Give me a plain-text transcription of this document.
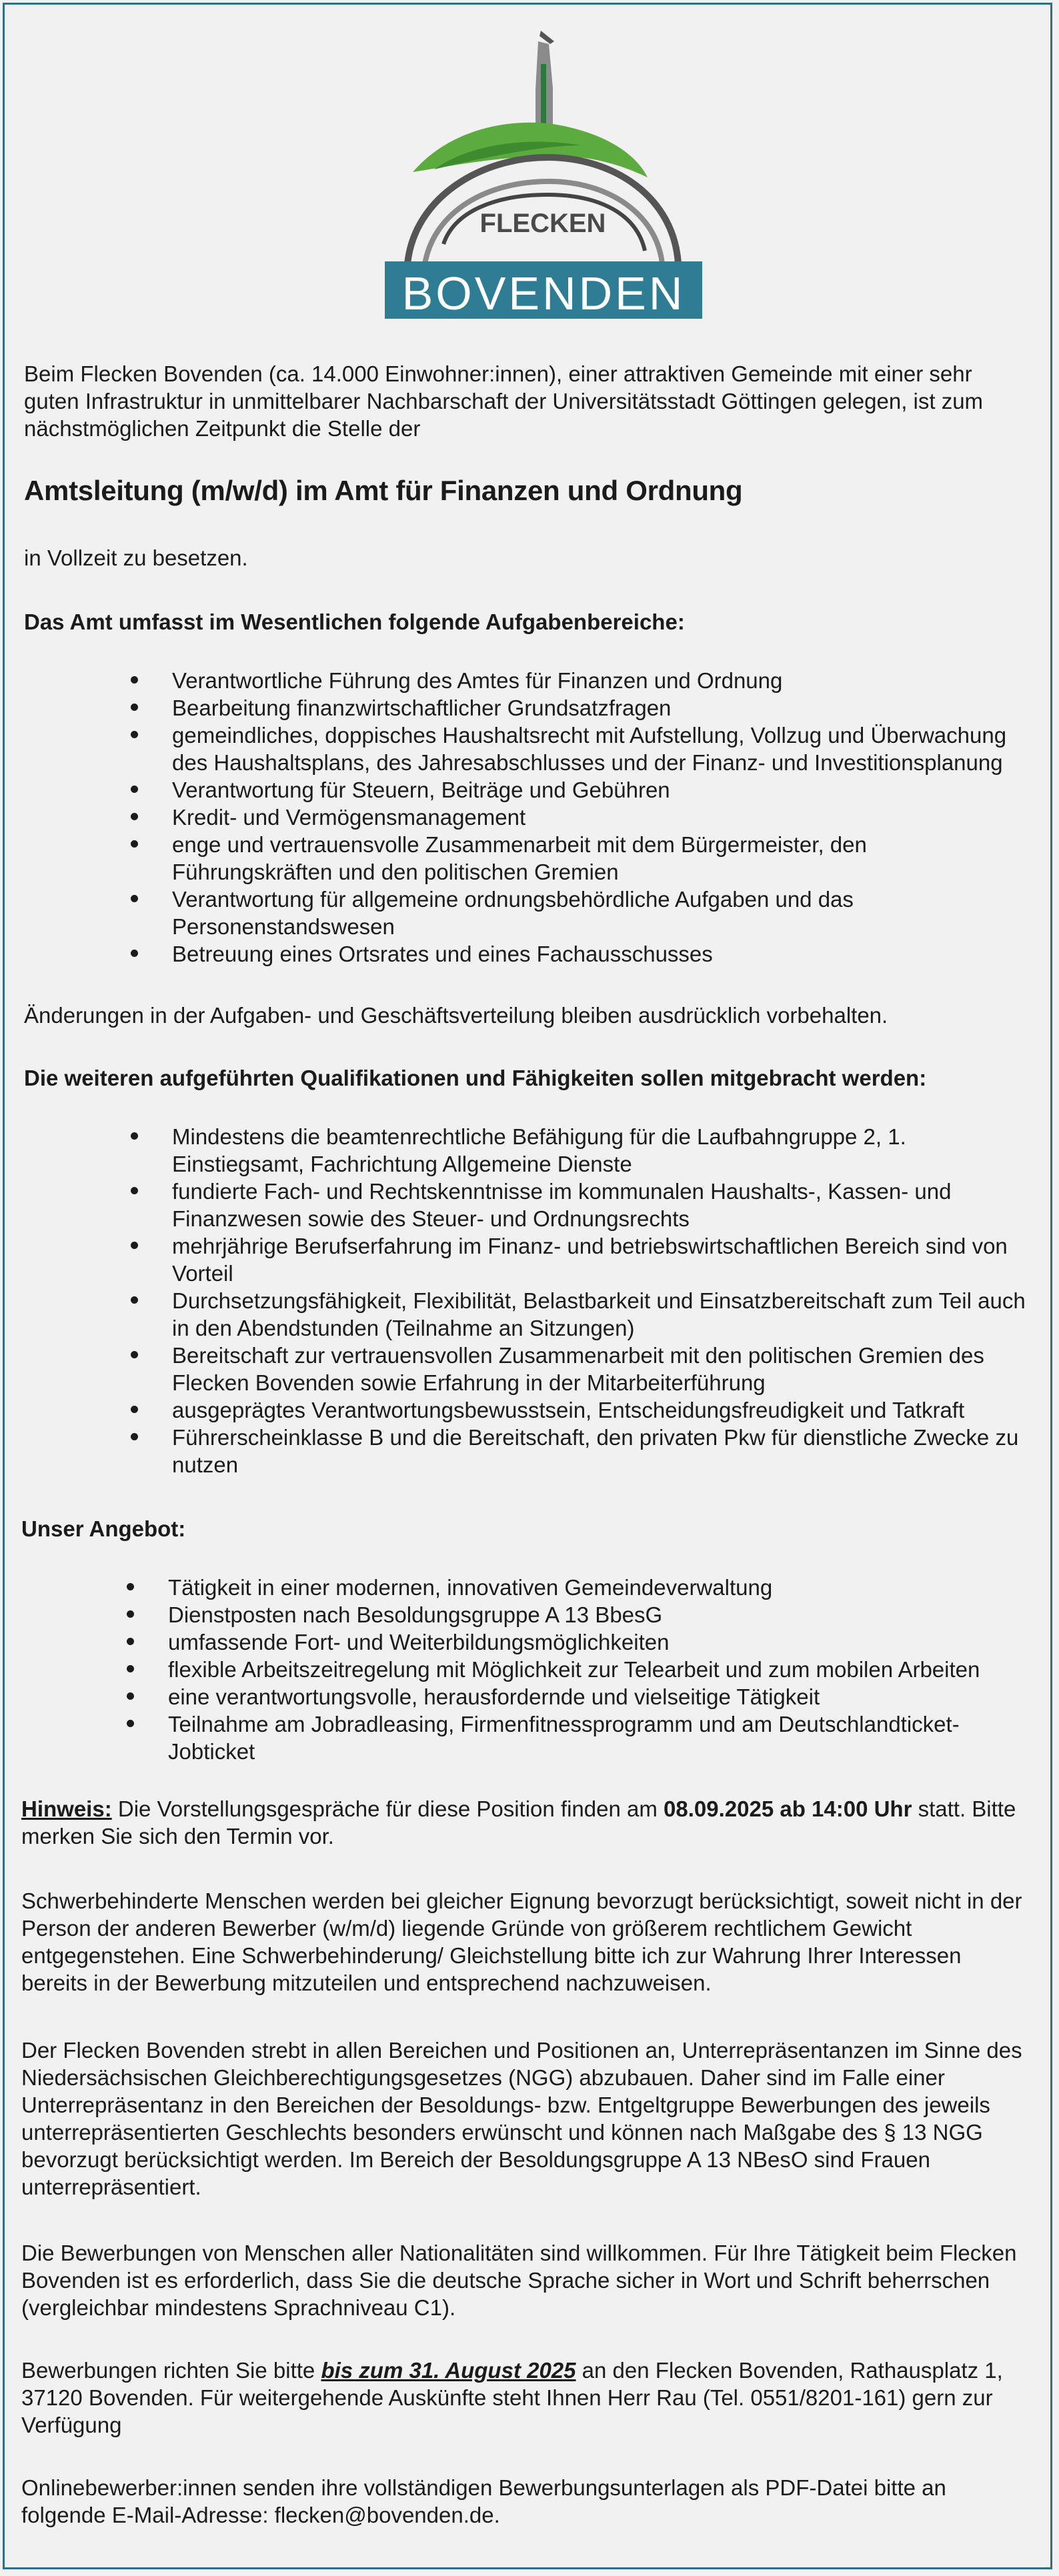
FLECKEN
BOVENDEN

Beim Flecken Bovenden (ca. 14.000 Einwohner:innen), einer attraktiven Gemeinde mit einer sehr guten Infrastruktur in unmittelbarer Nachbarschaft der Universitätsstadt Göttingen gelegen, ist zum nächstmöglichen Zeitpunkt die Stelle der

Amtsleitung (m/w/d) im Amt für Finanzen und Ordnung

in Vollzeit zu besetzen.

Das Amt umfasst im Wesentlichen folgende Aufgabenbereiche:

Verantwortliche Führung des Amtes für Finanzen und Ordnung
Bearbeitung finanzwirtschaftlicher Grundsatzfragen
gemeindliches, doppisches Haushaltsrecht mit Aufstellung, Vollzug und Überwachung des Haushaltsplans, des Jahresabschlusses und der Finanz- und Investitionsplanung
Verantwortung für Steuern, Beiträge und Gebühren
Kredit- und Vermögensmanagement
enge und vertrauensvolle Zusammenarbeit mit dem Bürgermeister, den Führungskräften und den politischen Gremien
Verantwortung für allgemeine ordnungsbehördliche Aufgaben und das Personenstandswesen
Betreuung eines Ortsrates und eines Fachausschusses

Änderungen in der Aufgaben- und Geschäftsverteilung bleiben ausdrücklich vorbehalten.

Die weiteren aufgeführten Qualifikationen und Fähigkeiten sollen mitgebracht werden:

Mindestens die beamtenrechtliche Befähigung für die Laufbahngruppe 2, 1. Einstiegsamt, Fachrichtung Allgemeine Dienste
fundierte Fach- und Rechtskenntnisse im kommunalen Haushalts-, Kassen- und Finanzwesen sowie des Steuer- und Ordnungsrechts
mehrjährige Berufserfahrung im Finanz- und betriebswirtschaftlichen Bereich sind von Vorteil
Durchsetzungsfähigkeit, Flexibilität, Belastbarkeit und Einsatzbereitschaft zum Teil auch in den Abendstunden (Teilnahme an Sitzungen)
Bereitschaft zur vertrauensvollen Zusammenarbeit mit den politischen Gremien des Flecken Bovenden sowie Erfahrung in der Mitarbeiterführung
ausgeprägtes Verantwortungsbewusstsein, Entscheidungsfreudigkeit und Tatkraft
Führerscheinklasse B und die Bereitschaft, den privaten Pkw für dienstliche Zwecke zu nutzen

Unser Angebot:

Tätigkeit in einer modernen, innovativen Gemeindeverwaltung
Dienstposten nach Besoldungsgruppe A 13 BbesG
umfassende Fort- und Weiterbildungsmöglichkeiten
flexible Arbeitszeitregelung mit Möglichkeit zur Telearbeit und zum mobilen Arbeiten
eine verantwortungsvolle, herausfordernde und vielseitige Tätigkeit
Teilnahme am Jobradleasing, Firmenfitnessprogramm und am Deutschlandticket-Jobticket

Hinweis: Die Vorstellungsgespräche für diese Position finden am 08.09.2025 ab 14:00 Uhr statt. Bitte merken Sie sich den Termin vor.

Schwerbehinderte Menschen werden bei gleicher Eignung bevorzugt berücksichtigt, soweit nicht in der Person der anderen Bewerber (w/m/d) liegende Gründe von größerem rechtlichem Gewicht entgegenstehen. Eine Schwerbehinderung/ Gleichstellung bitte ich zur Wahrung Ihrer Interessen bereits in der Bewerbung mitzuteilen und entsprechend nachzuweisen.

Der Flecken Bovenden strebt in allen Bereichen und Positionen an, Unterrepräsentanzen im Sinne des Niedersächsischen Gleichberechtigungsgesetzes (NGG) abzubauen. Daher sind im Falle einer Unterrepräsentanz in den Bereichen der Besoldungs- bzw. Entgeltgruppe Bewerbungen des jeweils unterrepräsentierten Geschlechts besonders erwünscht und können nach Maßgabe des § 13 NGG bevorzugt berücksichtigt werden. Im Bereich der Besoldungsgruppe A 13 NBesO sind Frauen unterrepräsentiert.

Die Bewerbungen von Menschen aller Nationalitäten sind willkommen. Für Ihre Tätigkeit beim Flecken Bovenden ist es erforderlich, dass Sie die deutsche Sprache sicher in Wort und Schrift beherrschen (vergleichbar mindestens Sprachniveau C1).

Bewerbungen richten Sie bitte bis zum 31. August 2025 an den Flecken Bovenden, Rathausplatz 1, 37120 Bovenden. Für weitergehende Auskünfte steht Ihnen Herr Rau (Tel. 0551/8201-161) gern zur Verfügung

Onlinebewerber:innen senden ihre vollständigen Bewerbungsunterlagen als PDF-Datei bitte an folgende E-Mail-Adresse: flecken@bovenden.de.
